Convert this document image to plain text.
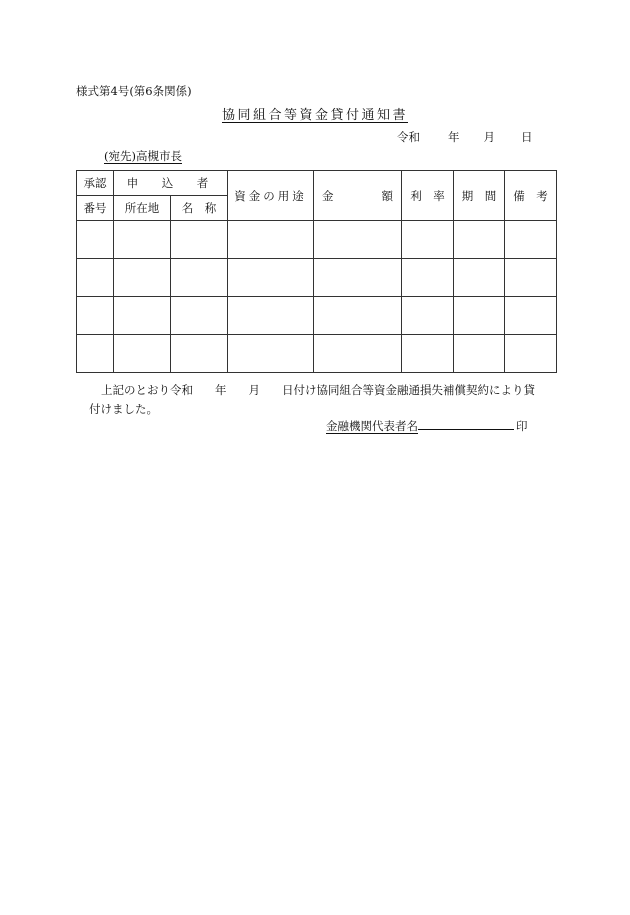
様式第4号(第6条関係)
協同組合等資金貸付通知書
令和 年 月 日
(宛先)高槻市長
承認	申　込　者		資金の用途	金 額	利　率	期　間	備　考
番号	所在地	名　称					

上記のとおり令和 年 月 日付け協同組合等資金融通損失補償契約により貸
付けました。
金融機関代表者名	印
